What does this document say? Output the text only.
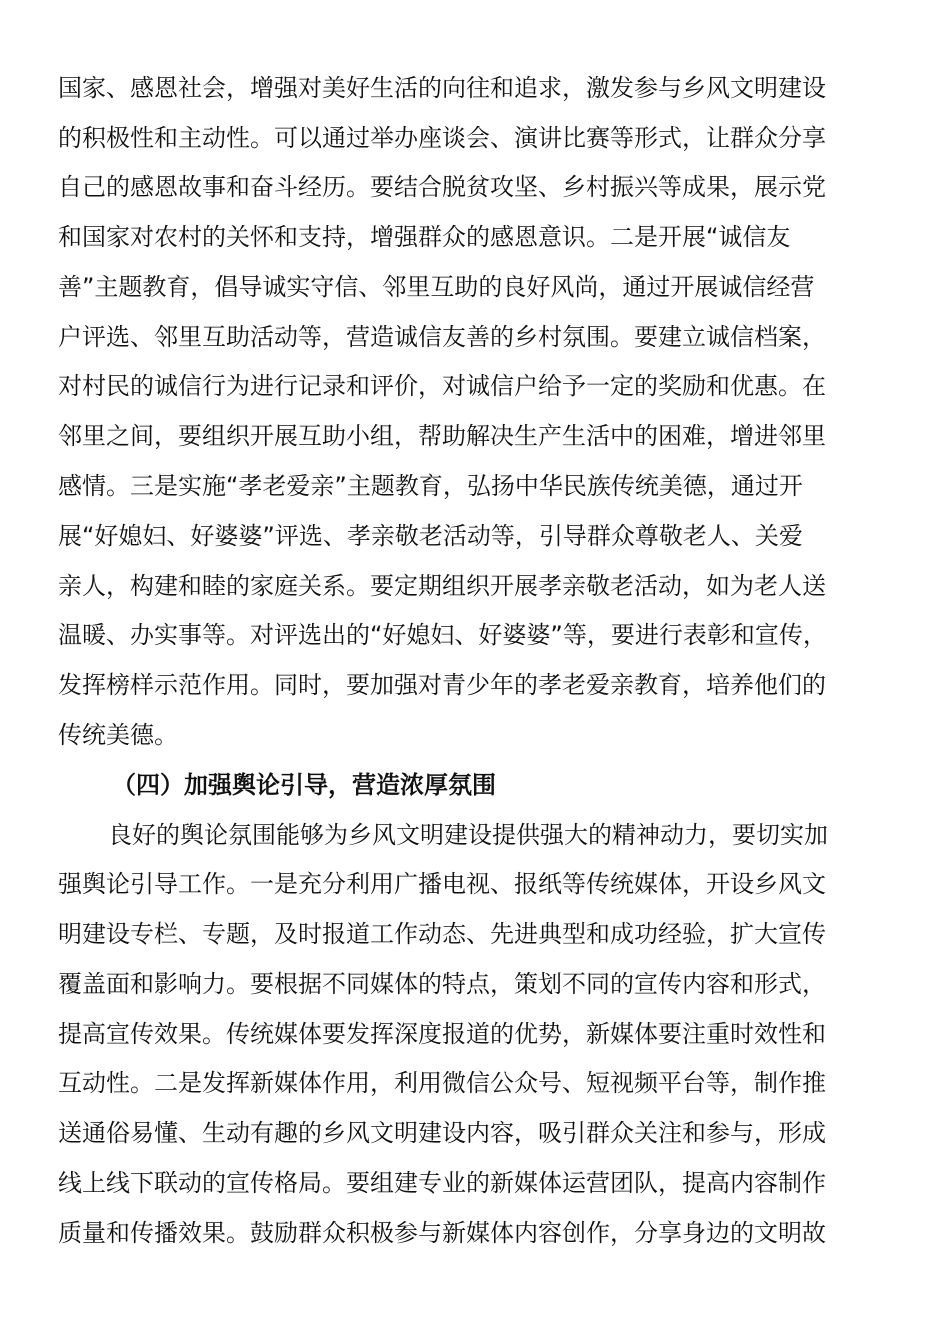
国家、感恩社会，增强对美好生活的向往和追求，激发参与乡风文明建设
的积极性和主动性。可以通过举办座谈会、演讲比赛等形式，让群众分享
自己的感恩故事和奋斗经历。要结合脱贫攻坚、乡村振兴等成果，展示党
和国家对农村的关怀和支持，增强群众的感恩意识。二是开展“诚信友
善”主题教育，倡导诚实守信、邻里互助的良好风尚，通过开展诚信经营
户评选、邻里互助活动等，营造诚信友善的乡村氛围。要建立诚信档案，
对村民的诚信行为进行记录和评价，对诚信户给予一定的奖励和优惠。在
邻里之间，要组织开展互助小组，帮助解决生产生活中的困难，增进邻里
感情。三是实施“孝老爱亲”主题教育，弘扬中华民族传统美德，通过开
展“好媳妇、好婆婆”评选、孝亲敬老活动等，引导群众尊敬老人、关爱
亲人，构建和睦的家庭关系。要定期组织开展孝亲敬老活动，如为老人送
温暖、办实事等。对评选出的“好媳妇、好婆婆”等，要进行表彰和宣传，
发挥榜样示范作用。同时，要加强对青少年的孝老爱亲教育，培养他们的
传统美德。
（四）加强舆论引导，营造浓厚氛围
良好的舆论氛围能够为乡风文明建设提供强大的精神动力，要切实加
强舆论引导工作。一是充分利用广播电视、报纸等传统媒体，开设乡风文
明建设专栏、专题，及时报道工作动态、先进典型和成功经验，扩大宣传
覆盖面和影响力。要根据不同媒体的特点，策划不同的宣传内容和形式，
提高宣传效果。传统媒体要发挥深度报道的优势，新媒体要注重时效性和
互动性。二是发挥新媒体作用，利用微信公众号、短视频平台等，制作推
送通俗易懂、生动有趣的乡风文明建设内容，吸引群众关注和参与，形成
线上线下联动的宣传格局。要组建专业的新媒体运营团队，提高内容制作
质量和传播效果。鼓励群众积极参与新媒体内容创作，分享身边的文明故
